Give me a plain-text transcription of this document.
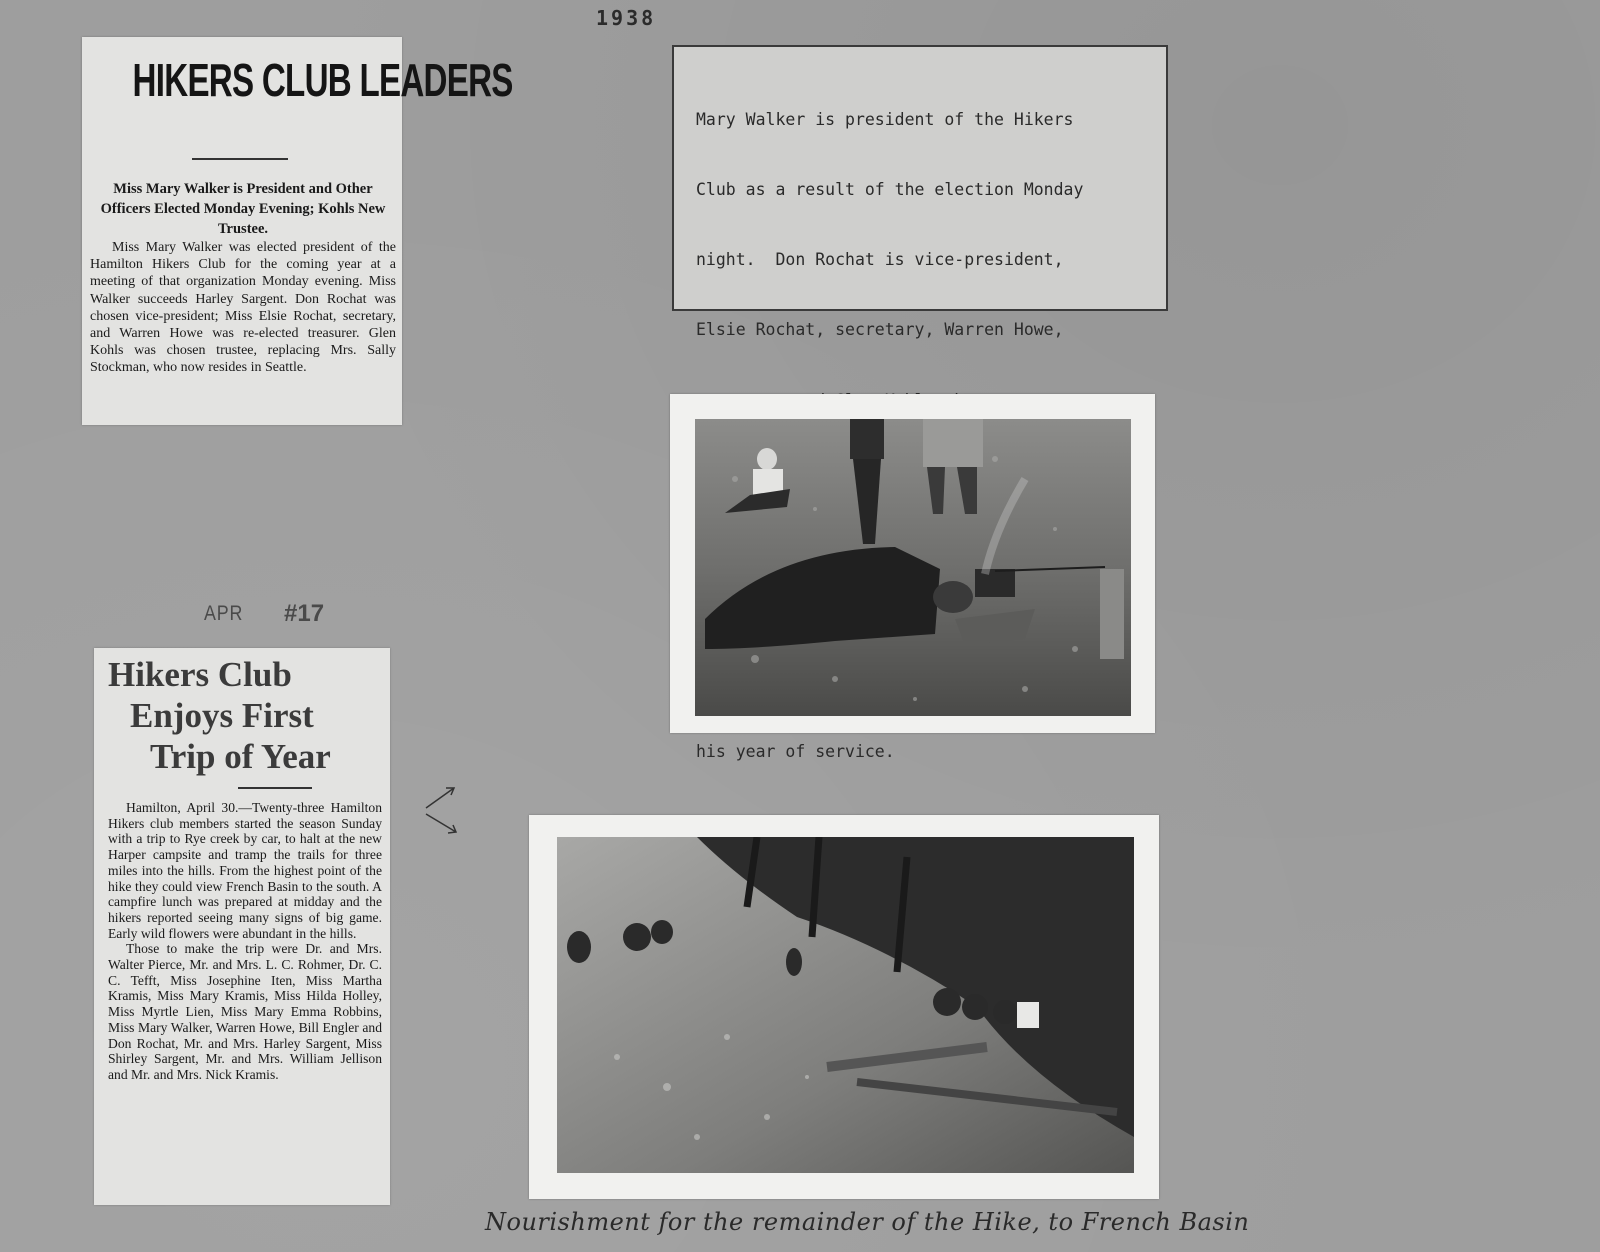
1938
HIKERS CLUB LEADERS
Miss Mary Walker is President and Other Officers Elected Monday Evening; Kohls New Trustee.
Miss Mary Walker was elected president of the Hamilton Hikers Club for the coming year at a meeting of that organization Monday evening. Miss Walker succeeds Harley Sargent. Don Rochat was chosen vice-president; Miss Elsie Rochat, secretary, and Warren Howe was re-elected treasurer. Glen Kohls was chosen trustee, replacing Mrs. Sally Stockman, who now resides in Seattle.
APR #17
Hikers Club
Enjoys First
Trip of Year

Hamilton, April 30.—Twenty-three Hamilton Hikers club members started the season Sunday with a trip to Rye creek by car, to halt at the new Harper campsite and tramp the trails for three miles into the hills. From the highest point of the hike they could view French Basin to the south. A campfire lunch was prepared at midday and the hikers reported seeing many signs of big game. Early wild flowers were abundant in the hills.

Those to make the trip were Dr. and Mrs. Walter Pierce, Mr. and Mrs. L. C. Rohmer, Dr. C. C. Tefft, Miss Josephine Iten, Miss Martha Kramis, Miss Mary Kramis, Miss Hilda Holley, Miss Myrtle Lien, Miss Mary Emma Robbins, Miss Mary Walker, Warren Howe, Bill Engler and Don Rochat, Mr. and Mrs. Harley Sargent, Miss Shirley Sargent, Mr. and Mrs. William Jellison and Mr. and Mrs. Nick Kramis.

Mary Walker is president of the Hikers

Club as a result of the election Monday

night.  Don Rochat is vice-president,

Elsie Rochat, secretary, Warren Howe,

his year of service.

Nourishment for the remainder of the Hike, to French Basin
